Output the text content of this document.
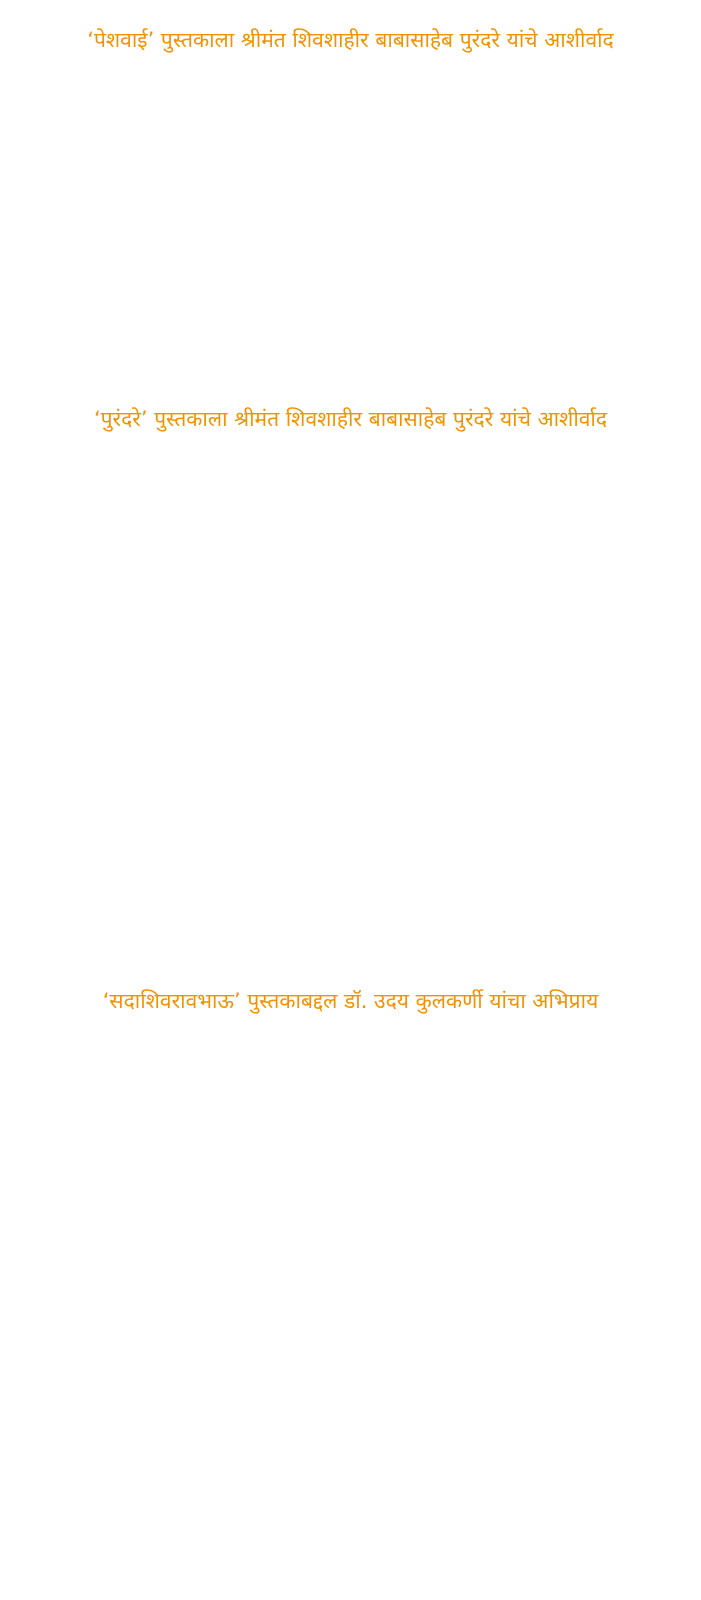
‘पेशवाई’ पुस्तकाला श्रीमंत शिवशाहीर बाबासाहेब पुरंदरे यांचे आशीर्वाद
‘पुरंदरे’ पुस्तकाला श्रीमंत शिवशाहीर बाबासाहेब पुरंदरे यांचे आशीर्वाद
‘सदाशिवरावभाऊ’ पुस्तकाबद्दल डॉ. उदय कुलकर्णी यांचा अभिप्राय
